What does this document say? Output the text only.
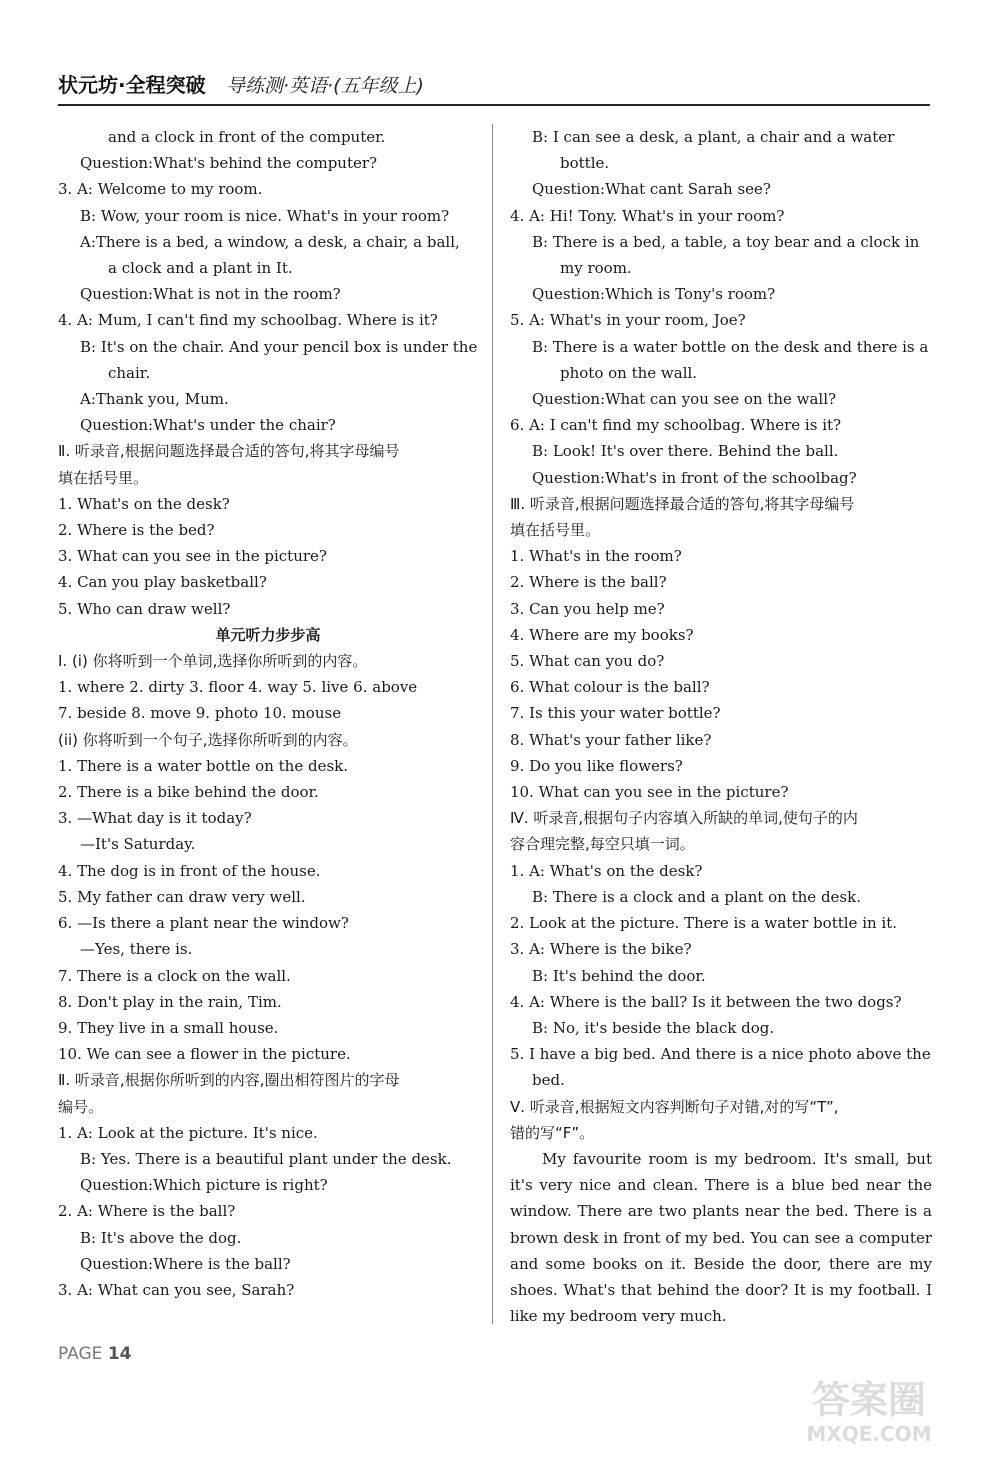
状元坊·全程突破 导练测·英语·(五年级上)
and a clock in front of the computer.
Question:What's behind the computer?
3. A: Welcome to my room.
B: Wow, your room is nice. What's in your room?
A:There is a bed, a window, a desk, a chair, a ball,
a clock and a plant in It.
Question:What is not in the room?
4. A: Mum, I can't find my schoolbag. Where is it?
B: It's on the chair. And your pencil box is under the
chair.
A:Thank you, Mum.
Question:What's under the chair?
Ⅱ. 听录音,根据问题选择最合适的答句,将其字母编号
填在括号里。
1. What's on the desk?
2. Where is the bed?
3. What can you see in the picture?
4. Can you play basketball?
5. Who can draw well?
单元听力步步高
Ⅰ. (i) 你将听到一个单词,选择你所听到的内容。
1. where 2. dirty 3. floor 4. way 5. live 6. above
7. beside 8. move 9. photo 10. mouse
(ii) 你将听到一个句子,选择你所听到的内容。
1. There is a water bottle on the desk.
2. There is a bike behind the door.
3. —What day is it today?
—It's Saturday.
4. The dog is in front of the house.
5. My father can draw very well.
6. —Is there a plant near the window?
—Yes, there is.
7. There is a clock on the wall.
8. Don't play in the rain, Tim.
9. They live in a small house.
10. We can see a flower in the picture.
Ⅱ. 听录音,根据你所听到的内容,圈出相符图片的字母
编号。
1. A: Look at the picture. It's nice.
B: Yes. There is a beautiful plant under the desk.
Question:Which picture is right?
2. A: Where is the ball?
B: It's above the dog.
Question:Where is the ball?
3. A: What can you see, Sarah?
B: I can see a desk, a plant, a chair and a water
bottle.
Question:What cant Sarah see?
4. A: Hi! Tony. What's in your room?
B: There is a bed, a table, a toy bear and a clock in
my room.
Question:Which is Tony's room?
5. A: What's in your room, Joe?
B: There is a water bottle on the desk and there is a
photo on the wall.
Question:What can you see on the wall?
6. A: I can't find my schoolbag. Where is it?
B: Look! It's over there. Behind the ball.
Question:What's in front of the schoolbag?
Ⅲ. 听录音,根据问题选择最合适的答句,将其字母编号
填在括号里。
1. What's in the room?
2. Where is the ball?
3. Can you help me?
4. Where are my books?
5. What can you do?
6. What colour is the ball?
7. Is this your water bottle?
8. What's your father like?
9. Do you like flowers?
10. What can you see in the picture?
Ⅳ. 听录音,根据句子内容填入所缺的单词,使句子的内
容合理完整,每空只填一词。
1. A: What's on the desk?
B: There is a clock and a plant on the desk.
2. Look at the picture. There is a water bottle in it.
3. A: Where is the bike?
B: It's behind the door.
4. A: Where is the ball? Is it between the two dogs?
B: No, it's beside the black dog.
5. I have a big bed. And there is a nice photo above the
bed.
Ⅴ. 听录音,根据短文内容判断句子对错,对的写“T”,
错的写“F”。
My favourite room is my bedroom. It's small, but it's very nice and clean. There is a blue bed near the window. There are two plants near the bed. There is a brown desk in front of my bed. You can see a computer and some books on it. Beside the door, there are my shoes. What's that behind the door? It is my football. I like my bedroom very much.
PAGE 14
答案圈
MXQE.COM
